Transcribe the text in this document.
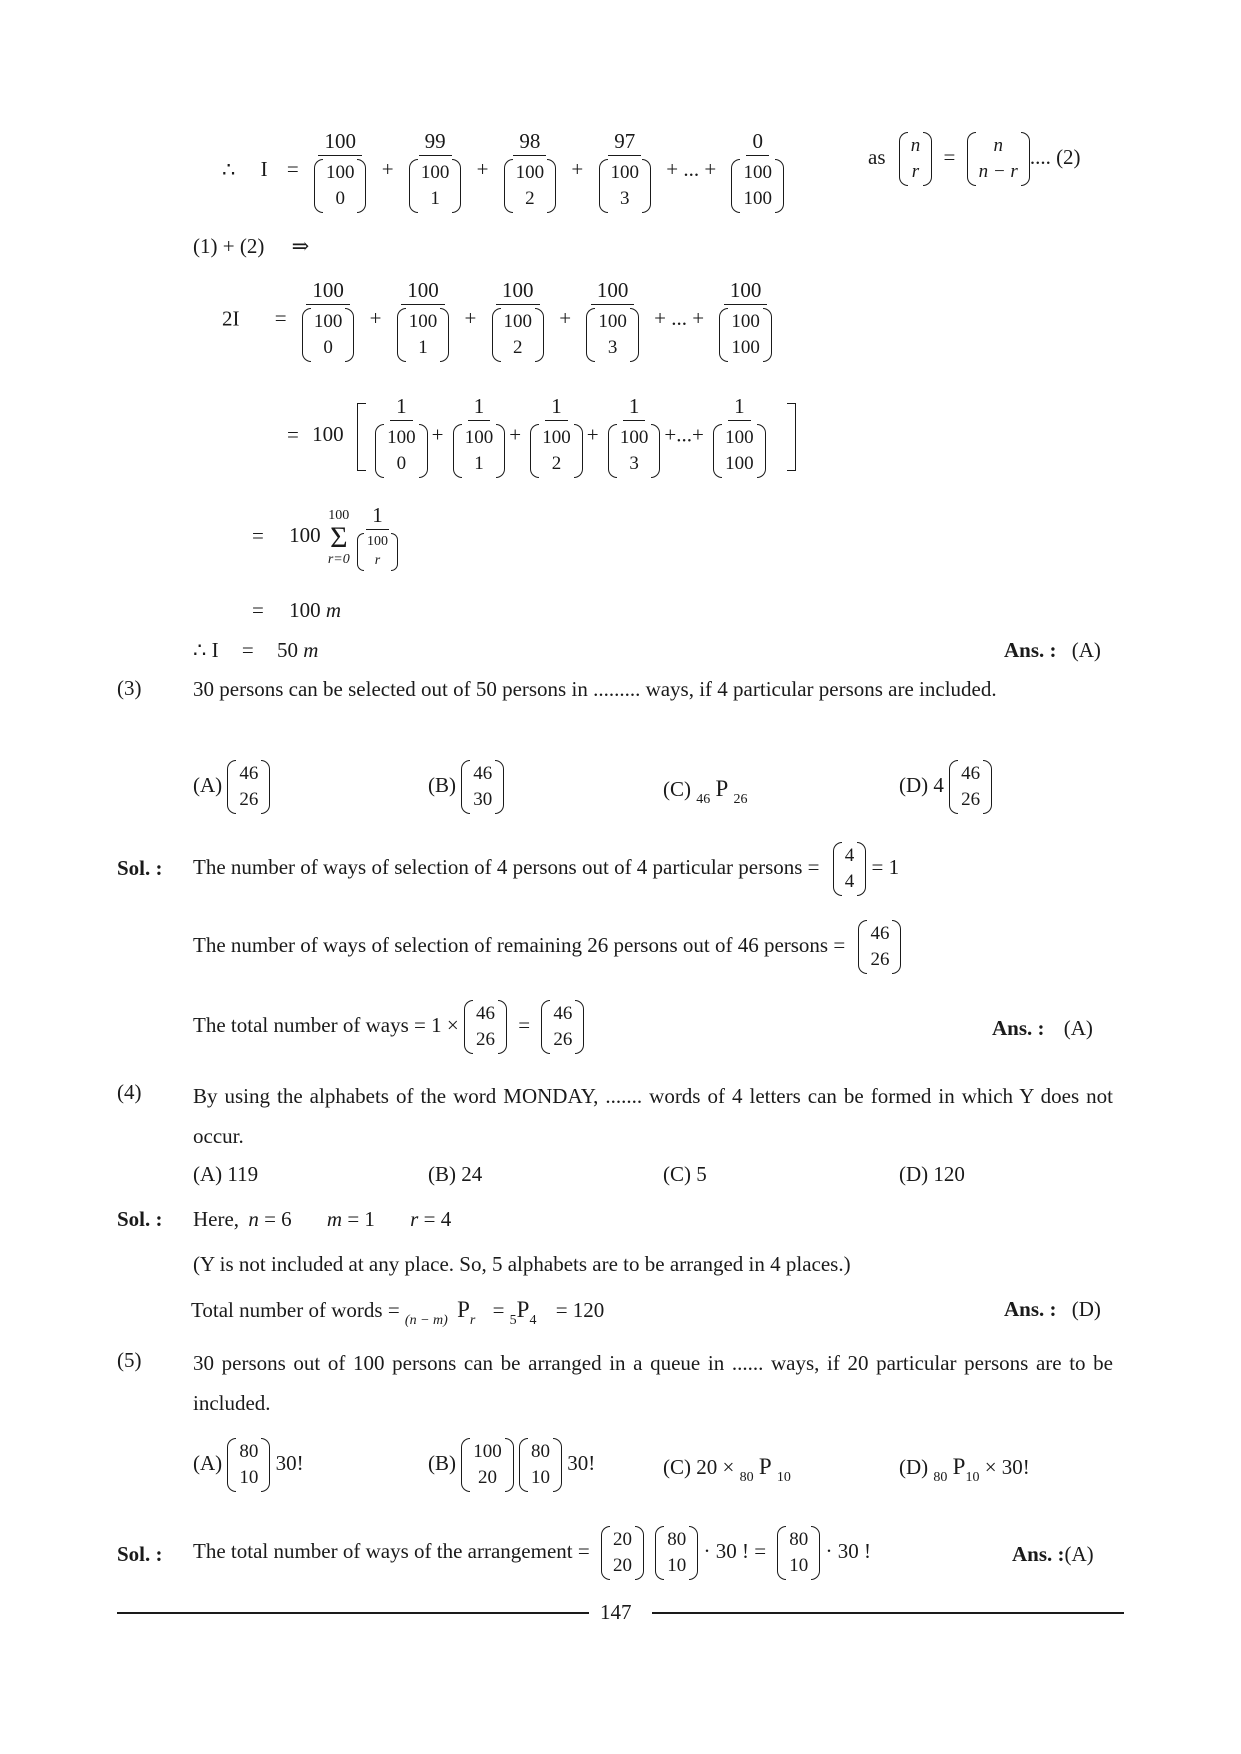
∴ I = 100
100
0 + 99
100
1 + 98
100
2 + 97
100
3 + ... + 0
100
100	as n
r
= n
n − r
.... (2)
(1) + (2) ⇒
2I = 100
100
0 + 100
100
1 + 100
100
2 + 100
100
3 + ... + 100
100
100
= 100 1
100
0 + 1
100
1 + 1
100
2 + 1
100
3 +...+ 1
100
100

= 100
100
Σ
r=0
1
100
r
= 100 m
∴ I = 50 m	Ans. : (A)
(3) 30 persons can be selected out of 50 persons in ......... ways, if 4 particular persons are included.
(A) 46
26
(B) 46
30	(C) $_{46}$ P $_{26}$
(D) 4 46
26
Sol. : The number of ways of selection of 4 persons out of 4 particular persons = 4
4
= 1
The number of ways of selection of remaining 26 persons out of 46 persons = 46
26
The total number of ways = 1 × 46
26
= 46
26	Ans. : (A)
(4) By using the alphabets of the word MONDAY, ....... words of 4 letters can be formed in which Y does not occur.
(A) 119	(B) 24	(C) 5	(D) 120
Sol. : Here, n = 6 m = 1 r = 4
(Y is not included at any place. So, 5 alphabets are to be arranged in 4 places.)
Total number of words = $_{(n - m)}$ $P_r = _5P_4 = 120$	Ans. : (D)
(5) 30 persons out of 100 persons can be arranged in a queue in ...... ways, if 20 particular persons are to be included.
(A) 80
10
30!	(B) 100
20

80
10
30!	(C) 20 × $_{80}$ P $_{10}$	(D) $_{80}$ $P_{10} \times 30$!
Sol. : The total number of ways of the arrangement = 20
20

80
10
· 30 ! = 80
10
· 30 !	Ans. :(A)
147
